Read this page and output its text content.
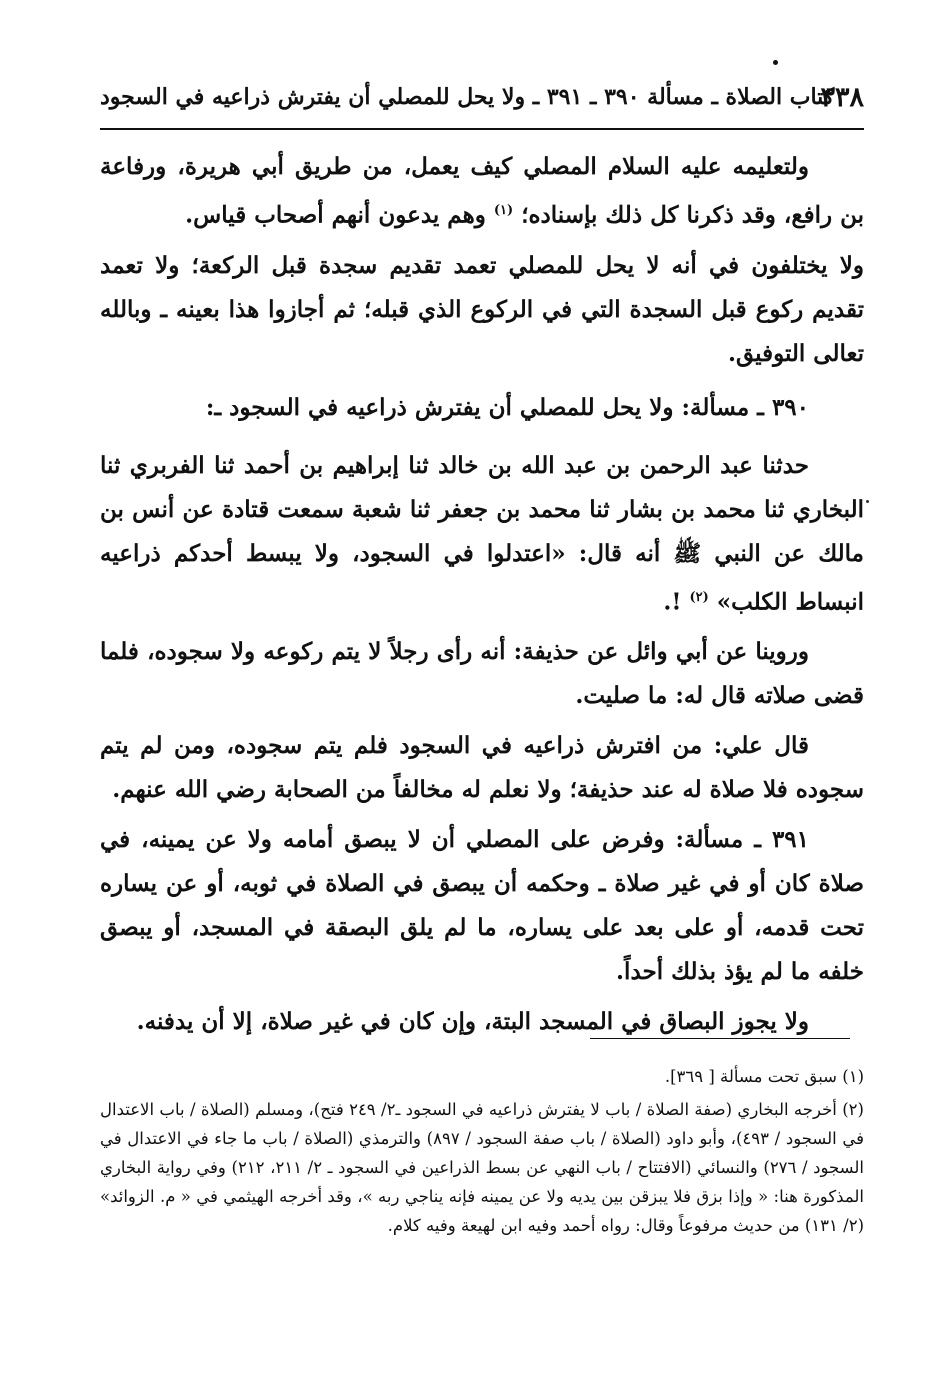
٣٣٨
كتاب الصلاة ـ مسألة ٣٩٠ ـ ٣٩١ ـ ولا يحل للمصلي أن يفترش ذراعيه في السجود

ولتعليمه عليه السلام المصلي كيف يعمل، من طريق أبي هريرة، ورفاعة بن رافع، وقد ذكرنا كل ذلك بإسناده؛ $^{(١)}$ وهم يدعون أنهم أصحاب قياس.

ولا يختلفون في أنه لا يحل للمصلي تعمد تقديم سجدة قبل الركعة؛ ولا تعمد تقديم ركوع قبل السجدة التي في الركوع الذي قبله؛ ثم أجازوا هذا بعينه ـ وبالله تعالى التوفيق.

٣٩٠ ـ مسألة: ولا يحل للمصلي أن يفترش ذراعيه في السجود ـ:

حدثنا عبد الرحمن بن عبد الله بن خالد ثنا إبراهيم بن أحمد ثنا الفربري ثنا البخاري ثنا محمد بن بشار ثنا محمد بن جعفر ثنا شعبة سمعت قتادة عن أنس بن مالك عن النبي ﷺ أنه قال: «اعتدلوا في السجود، ولا يبسط أحدكم ذراعيه انبساط الكلب» $^{(٢)}$ !.

وروينا عن أبي وائل عن حذيفة: أنه رأى رجلاً لا يتم ركوعه ولا سجوده، فلما قضى صلاته قال له: ما صليت.

قال علي: من افترش ذراعيه في السجود فلم يتم سجوده، ومن لم يتم سجوده فلا صلاة له عند حذيفة؛ ولا نعلم له مخالفاً من الصحابة رضي الله عنهم.

٣٩١ ـ مسألة: وفرض على المصلي أن لا يبصق أمامه ولا عن يمينه، في صلاة كان أو في غير صلاة ـ وحكمه أن يبصق في الصلاة في ثوبه، أو عن يساره تحت قدمه، أو على بعد على يساره، ما لم يلق البصقة في المسجد، أو يبصق خلفه ما لم يؤذ بذلك أحداً.

ولا يجوز البصاق في المسجد البتة، وإن كان في غير صلاة، إلا أن يدفنه.

(١) سبق تحت مسألة [ ٣٦٩].

(٢) أخرجه البخاري (صفة الصلاة / باب لا يفترش ذراعيه في السجود ـ٢/ ٢٤٩ فتح)، ومسلم (الصلاة / باب الاعتدال في السجود / ٤٩٣)، وأبو داود (الصلاة / باب صفة السجود / ٨٩٧) والترمذي (الصلاة / باب ما جاء في الاعتدال في السجود / ٢٧٦) والنسائي (الافتتاح / باب النهي عن بسط الذراعين في السجود ـ ٢/ ٢١١، ٢١٢) وفي رواية البخاري المذكورة هنا: « وإذا بزق فلا يبزقن بين يديه ولا عن يمينه فإنه يناجي ربه »، وقد أخرجه الهيثمي في « م. الزوائد» (٢/ ١٣١) من حديث مرفوعاً وقال: رواه أحمد وفيه ابن لهيعة وفيه كلام.
